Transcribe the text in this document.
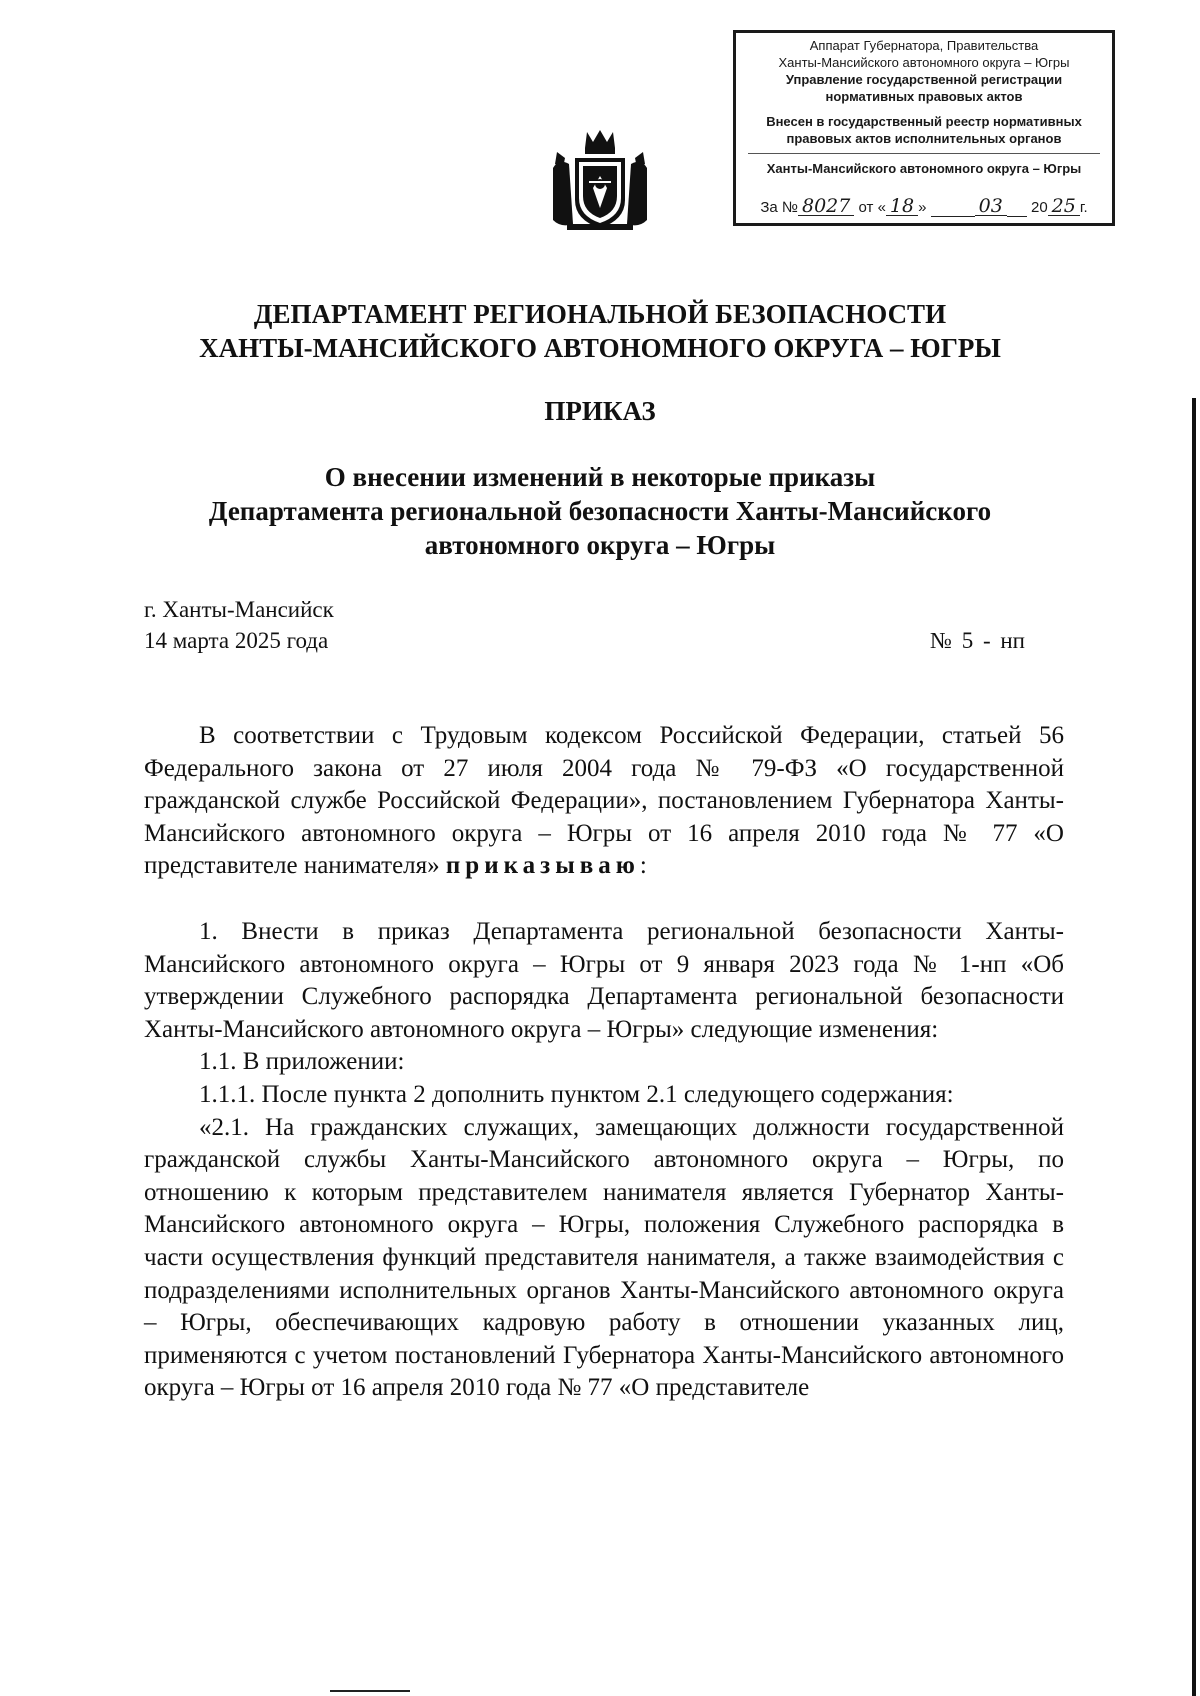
Аппарат Губернатора, Правительства
Ханты-Мансийского автономного округа – Югры
Управление государственной регистрации
нормативных правовых актов
Внесен в государственный реестр нормативных
правовых актов исполнительных органов
Ханты-Мансийского автономного округа – Югры
За № 8027 от « 18 »	03 20 25 г.
ДЕПАРТАМЕНТ РЕГИОНАЛЬНОЙ БЕЗОПАСНОСТИ
ХАНТЫ-МАНСИЙСКОГО АВТОНОМНОГО ОКРУГА – ЮГРЫ
ПРИКАЗ
О внесении изменений в некоторые приказы
Департамента региональной безопасности Ханты-Мансийского
автономного округа – Югры
г. Ханты-Мансийск
14 марта 2025 года	№ 5 - нп

В соответствии с Трудовым кодексом Российской Федерации, статьей 56 Федерального закона от 27 июля 2004 года № 79-ФЗ «О государственной гражданской службе Российской Федерации», постановлением Губернатора Ханты-Мансийского автономного округа – Югры от 16 апреля 2010 года № 77 «О представителе нанимателя» приказываю:

1. Внести в приказ Департамента региональной безопасности Ханты-Мансийского автономного округа – Югры от 9 января 2023 года № 1-нп «Об утверждении Служебного распорядка Департамента региональной безопасности Ханты-Мансийского автономного округа – Югры» следующие изменения:

1.1. В приложении:

1.1.1. После пункта 2 дополнить пунктом 2.1 следующего содержания:

«2.1. На гражданских служащих, замещающих должности государственной гражданской службы Ханты-Мансийского автономного округа – Югры, по отношению к которым представителем нанимателя является Губернатор Ханты-Мансийского автономного округа – Югры, положения Служебного распорядка в части осуществления функций представителя нанимателя, а также взаимодействия с подразделениями исполнительных органов Ханты-Мансийского автономного округа – Югры, обеспечивающих кадровую работу в отношении указанных лиц, применяются с учетом постановлений Губернатора Ханты-Мансийского автономного округа – Югры от 16 апреля 2010 года № 77 «О представителе
